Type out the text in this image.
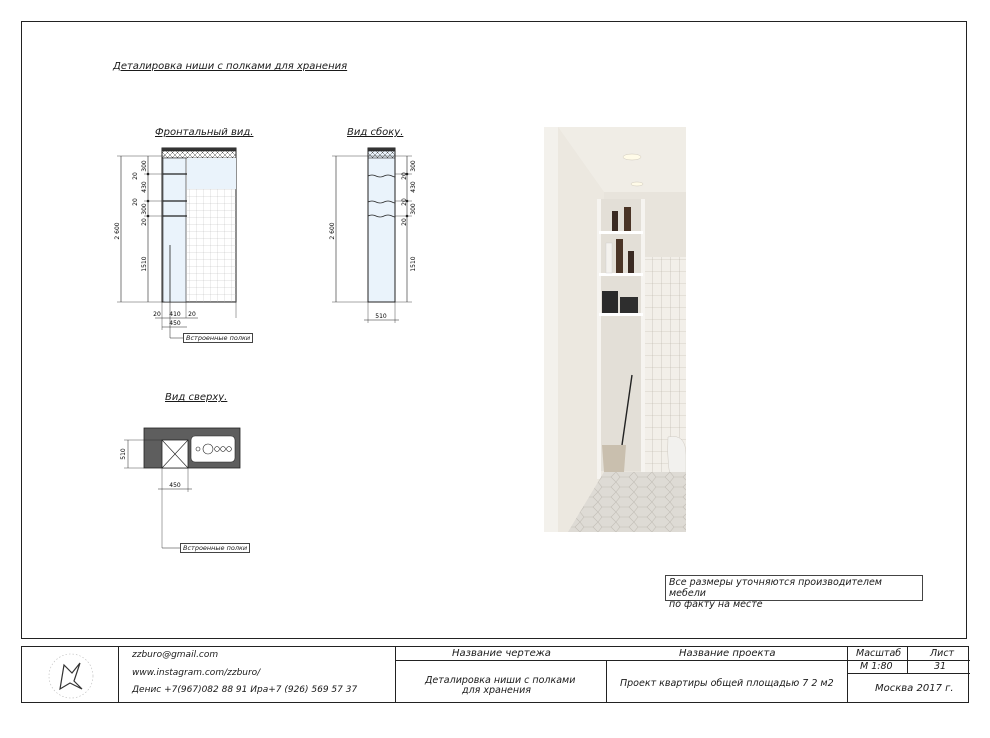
Деталировка ниши с полками для хранения
Фронтальный вид.	Вид сбоку.
Вид сверху.
300
20
430
20
300
20
1510
2 600
20 410 20
450
Встроенные полки
300
20
430
20
300
20
1510
2 600
510
510
450
Встроенные полки
Все размеры уточняются производителем мебели
по факту на месте
zzburo@gmail.com
www.instagram.com/zzburo/
Денис +7(967)082 88 91 Ира+7 (926) 569 57 37
Название чертежа
Деталировка ниши с полками
для хранения
Название проекта
Проект квартиры общей площадью 7 2 м2
Масштаб
М 1:80
Лист
31
Москва 2017 г.
